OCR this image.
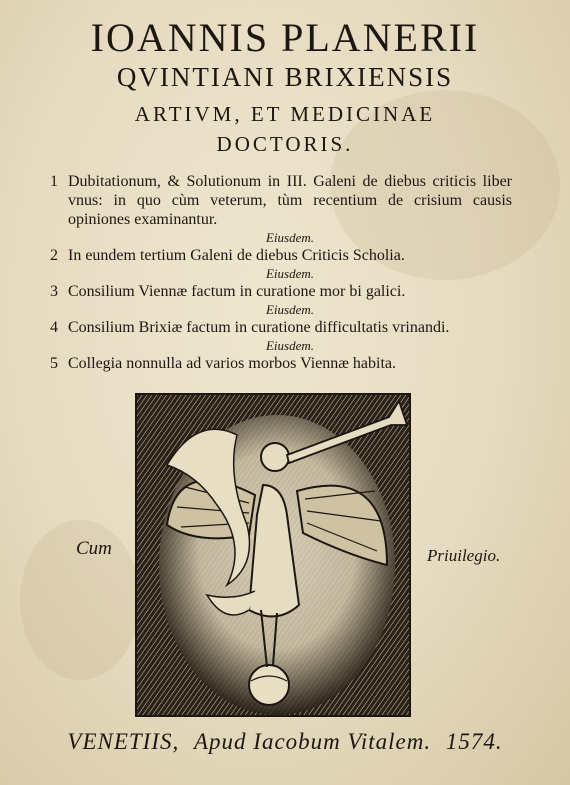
IOANNIS PLANERII
QVINTIANI BRIXIENSIS
ARTIVM, ET MEDICINAE
DOCTORIS.
1 Dubitationum, & Solutionum in III. Galeni de diebus criticis liber vnus: in quo cùm veterum, tùm recentium de crisium causis opiniones examinantur.
Eiusdem.
2 In eundem tertium Galeni de diebus Criticis Scholia.
Eiusdem.
3 Consilium Viennæ factum in curatione mor bi galici.
Eiusdem.
4 Consilium Brixiæ factum in curatione difficultatis vrinandi.
Eiusdem.
5 Collegia nonnulla ad varios morbos Viennæ habita.
Cum	Priuilegio.
VENETIIS, Apud Iacobum Vitalem. 1574.
